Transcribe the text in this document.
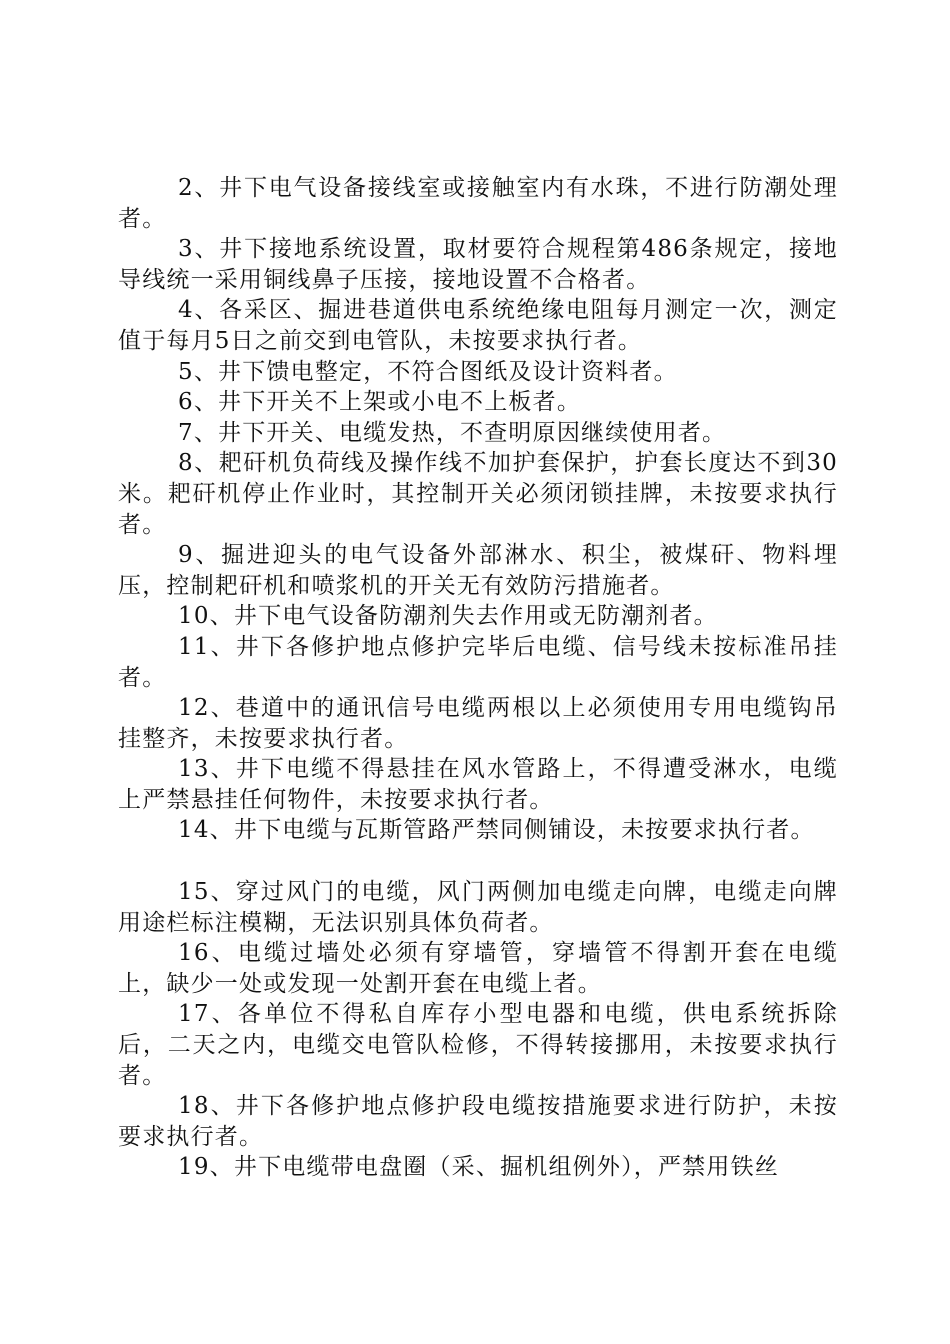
2、井下电气设备接线室或接触室内有水珠，不进行防潮处理者。

3、井下接地系统设置，取材要符合规程第486条规定，接地导线统一采用铜线鼻子压接，接地设置不合格者。

4、各采区、掘进巷道供电系统绝缘电阻每月测定一次，测定值于每月5日之前交到电管队，未按要求执行者。

5、井下馈电整定，不符合图纸及设计资料者。

6、井下开关不上架或小电不上板者。

7、井下开关、电缆发热，不查明原因继续使用者。

8、耙矸机负荷线及操作线不加护套保护，护套长度达不到30米。耙矸机停止作业时，其控制开关必须闭锁挂牌，未按要求执行者。

9、掘进迎头的电气设备外部淋水、积尘，被煤矸、物料埋压，控制耙矸机和喷浆机的开关无有效防污措施者。

10、井下电气设备防潮剂失去作用或无防潮剂者。

11、井下各修护地点修护完毕后电缆、信号线未按标准吊挂者。

12、巷道中的通讯信号电缆两根以上必须使用专用电缆钩吊挂整齐，未按要求执行者。

13、井下电缆不得悬挂在风水管路上，不得遭受淋水，电缆上严禁悬挂任何物件，未按要求执行者。

14、井下电缆与瓦斯管路严禁同侧铺设，未按要求执行者。

15、穿过风门的电缆，风门两侧加电缆走向牌，电缆走向牌用途栏标注模糊，无法识别具体负荷者。

16、电缆过墙处必须有穿墙管，穿墙管不得割开套在电缆上，缺少一处或发现一处割开套在电缆上者。

17、各单位不得私自库存小型电器和电缆，供电系统拆除后，二天之内，电缆交电管队检修，不得转接挪用，未按要求执行者。

18、井下各修护地点修护段电缆按措施要求进行防护，未按要求执行者。

19、井下电缆带电盘圈（采、掘机组例外），严禁用铁丝
